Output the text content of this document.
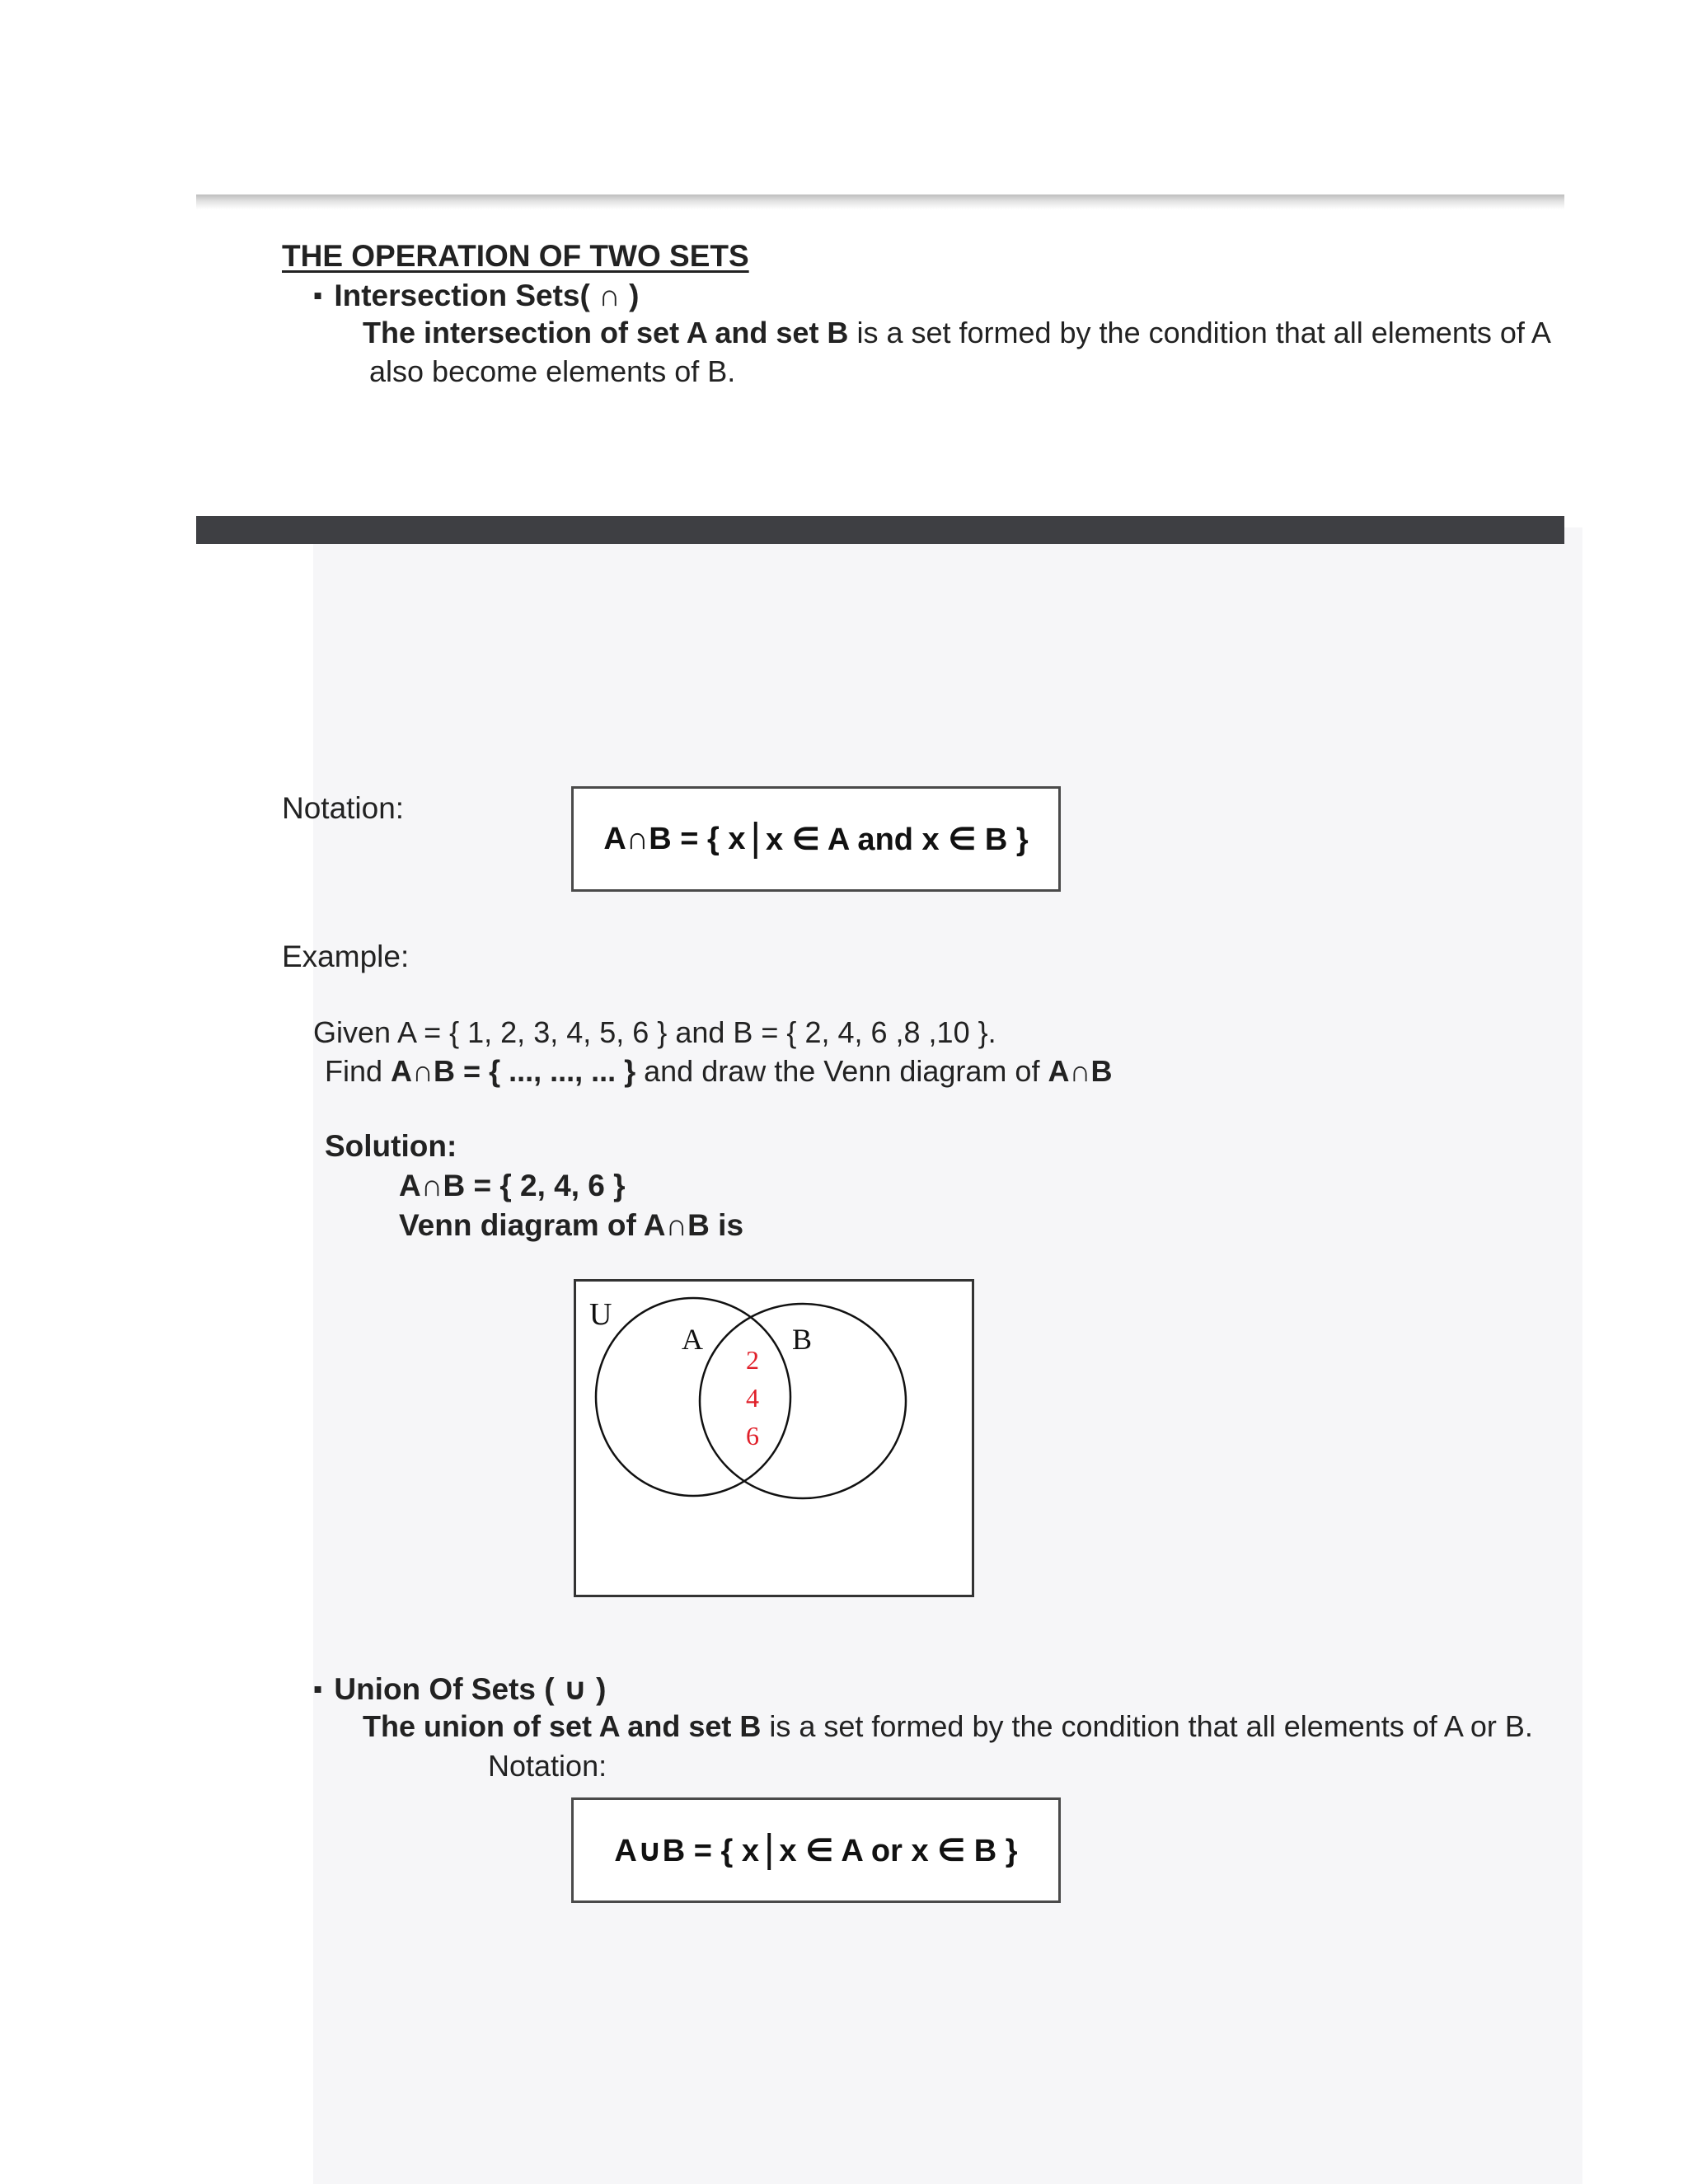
THE OPERATION OF TWO SETS
▪ Intersection Sets( ∩ )
The intersection of set A and set B is a set formed by the condition that all elements of A
also become elements of B.
Notation:
A∩B = { x | x ∈ A and x ∈ B }
Example:
Given A = { 1, 2, 3, 4, 5, 6 } and B = { 2, 4, 6 ,8 ,10 }.
Find A∩B = { ..., ..., ... } and draw the Venn diagram of A∩B
Solution:
A∩B = { 2, 4, 6 }
Venn diagram of A∩B is
U
A	B
2
4
6
▪ Union Of Sets ( ∪ )
The union of set A and set B is a set formed by the condition that all elements of A or B.
Notation:
A∪B = { x | x ∈ A or x ∈ B }
